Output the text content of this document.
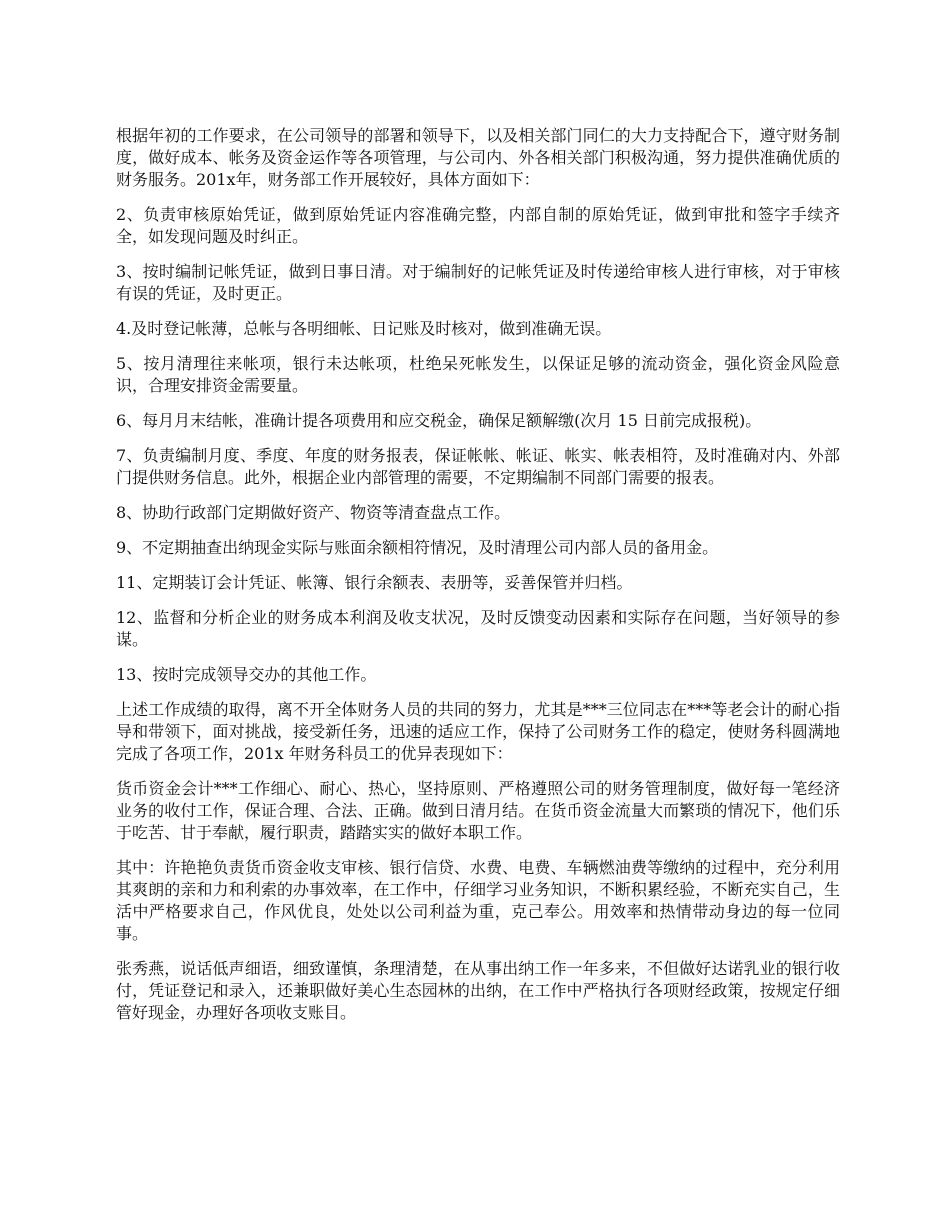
根据年初的工作要求，在公司领导的部署和领导下，以及相关部门同仁的大力支持配合下，遵守财务制度，做好成本、帐务及资金运作等各项管理，与公司内、外各相关部门积极沟通，努力提供准确优质的财务服务。201x年，财务部工作开展较好，具体方面如下：

2、负责审核原始凭证，做到原始凭证内容准确完整，内部自制的原始凭证，做到审批和签字手续齐全，如发现问题及时纠正。

3、按时编制记帐凭证，做到日事日清。对于编制好的记帐凭证及时传递给审核人进行审核，对于审核有误的凭证，及时更正。

4.及时登记帐薄，总帐与各明细帐、日记账及时核对，做到准确无误。

5、按月清理往来帐项，银行未达帐项，杜绝呆死帐发生，以保证足够的流动资金，强化资金风险意识，合理安排资金需要量。

6、每月月末结帐，准确计提各项费用和应交税金，确保足额解缴(次月 15 日前完成报税)。

7、负责编制月度、季度、年度的财务报表，保证帐帐、帐证、帐实、帐表相符，及时准确对内、外部门提供财务信息。此外，根据企业内部管理的需要，不定期编制不同部门需要的报表。

8、协助行政部门定期做好资产、物资等清查盘点工作。

9、不定期抽查出纳现金实际与账面余额相符情况，及时清理公司内部人员的备用金。

11、定期装订会计凭证、帐簿、银行余额表、表册等，妥善保管并归档。

12、监督和分析企业的财务成本利润及收支状况，及时反馈变动因素和实际存在问题，当好领导的参谋。

13、按时完成领导交办的其他工作。

上述工作成绩的取得，离不开全体财务人员的共同的努力，尤其是***三位同志在***等老会计的耐心指导和带领下，面对挑战，接受新任务，迅速的适应工作，保持了公司财务工作的稳定，使财务科圆满地完成了各项工作，201x 年财务科员工的优异表现如下：

货币资金会计***工作细心、耐心、热心，坚持原则、严格遵照公司的财务管理制度，做好每一笔经济业务的收付工作，保证合理、合法、正确。做到日清月结。在货币资金流量大而繁琐的情况下，他们乐于吃苦、甘于奉献，履行职责，踏踏实实的做好本职工作。

其中：许艳艳负责货币资金收支审核、银行信贷、水费、电费、车辆燃油费等缴纳的过程中，充分利用其爽朗的亲和力和利索的办事效率，在工作中，仔细学习业务知识，不断积累经验，不断充实自己，生活中严格要求自己，作风优良，处处以公司利益为重，克己奉公。用效率和热情带动身边的每一位同事。

张秀燕，说话低声细语，细致谨慎，条理清楚，在从事出纳工作一年多来，不但做好达诺乳业的银行收付，凭证登记和录入，还兼职做好美心生态园林的出纳，在工作中严格执行各项财经政策，按规定仔细管好现金，办理好各项收支账目。
